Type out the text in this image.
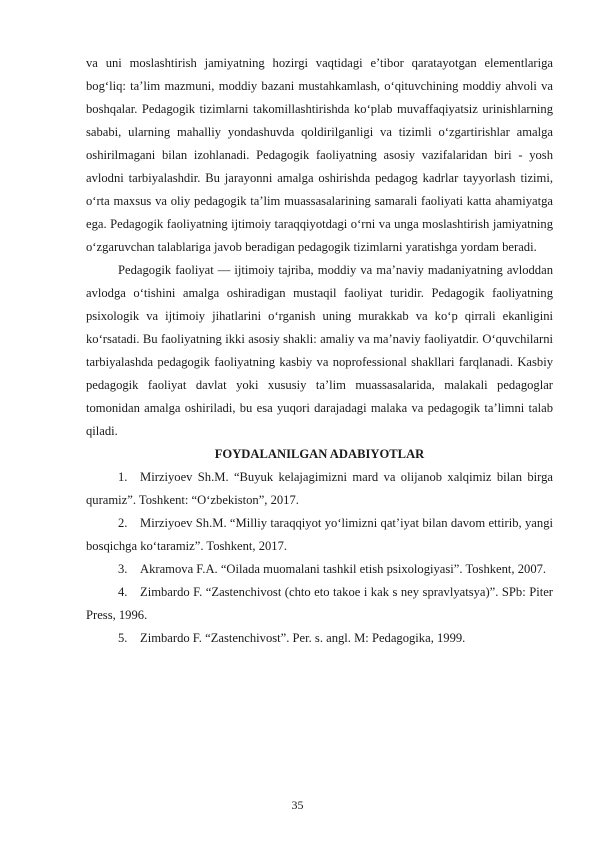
va uni moslashtirish jamiyatning hozirgi vaqtidagi e’tibor qaratayotgan elementlariga bog‘liq: ta’lim mazmuni, moddiy bazani mustahkamlash, o‘qituvchining moddiy ahvoli va boshqalar. Pedagogik tizimlarni takomillashtirishda ko‘plab muvaffaqiyatsiz urinishlarning sababi, ularning mahalliy yondashuvda qoldirilganligi va tizimli o‘zgartirishlar amalga oshirilmagani bilan izohlanadi. Pedagogik faoliyatning asosiy vazifalaridan biri - yosh avlodni tarbiyalashdir. Bu jarayonni amalga oshirishda pedagog kadrlar tayyorlash tizimi, o‘rta maxsus va oliy pedagogik ta’lim muassasalarining samarali faoliyati katta ahamiyatga ega. Pedagogik faoliyatning ijtimoiy taraqqiyotdagi o‘rni va unga moslashtirish jamiyatning o‘zgaruvchan talablariga javob beradigan pedagogik tizimlarni yaratishga yordam beradi.

Pedagogik faoliyat — ijtimoiy tajriba, moddiy va ma’naviy madaniyatning avloddan avlodga o‘tishini amalga oshiradigan mustaqil faoliyat turidir. Pedagogik faoliyatning psixologik va ijtimoiy jihatlarini o‘rganish uning murakkab va ko‘p qirrali ekanligini ko‘rsatadi. Bu faoliyatning ikki asosiy shakli: amaliy va ma’naviy faoliyatdir. O‘quvchilarni tarbiyalashda pedagogik faoliyatning kasbiy va noprofessional shakllari farqlanadi. Kasbiy pedagogik faoliyat davlat yoki xususiy ta’lim muassasalarida, malakali pedagoglar tomonidan amalga oshiriladi, bu esa yuqori darajadagi malaka va pedagogik ta’limni talab qiladi.

FOYDALANILGAN ADABIYOTLAR

1. Mirziyoev Sh.M. “Buyuk kelajagimizni mard va olijanob xalqimiz bilan birga quramiz”. Toshkent: “O‘zbekiston”, 2017.
2. Mirziyoev Sh.M. “Milliy taraqqiyot yo‘limizni qat’iyat bilan davom ettirib, yangi bosqichga ko‘taramiz”. Toshkent, 2017.
3. Akramova F.A. “Oilada muomalani tashkil etish psixologiyasi”. Toshkent, 2007.
4. Zimbardo F. “Zastenchivost (chto eto takoe i kak s ney spravlyatsya)”. SPb: Piter Press, 1996.
5. Zimbardo F. “Zastenchivost”. Per. s. angl. M: Pedagogika, 1999.
35
